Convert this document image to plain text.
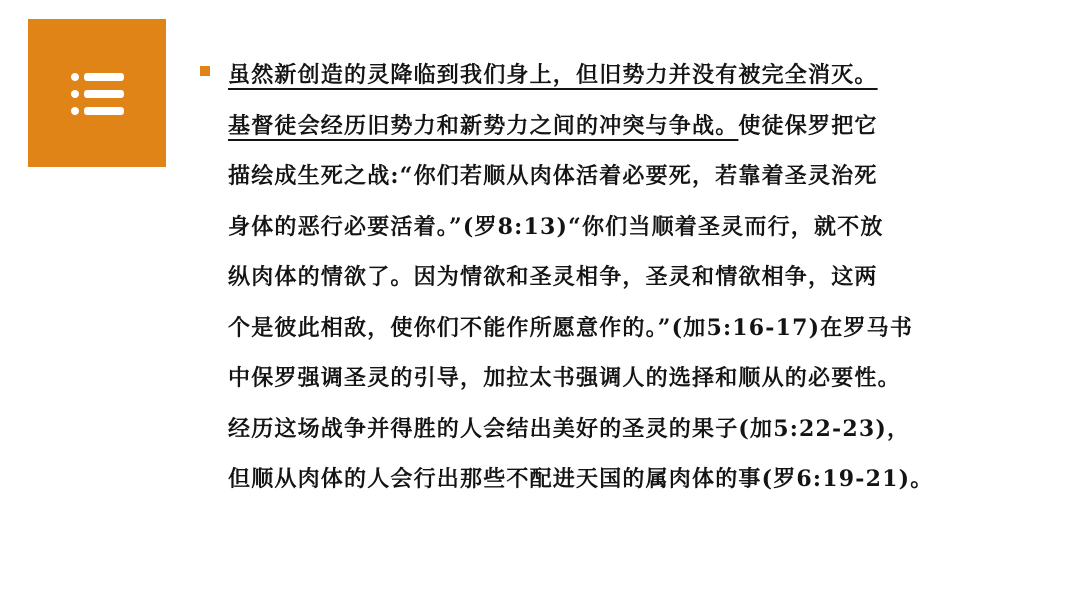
虽然新创造的灵降临到我们身上，但旧势力并没有被完全消灭。
基督徒会经历旧势力和新势力之间的冲突与争战。使徒保罗把它
描绘成生死之战:“你们若顺从肉体活着必要死，若靠着圣灵治死
身体的恶行必要活着。”(罗8:13)“你们当顺着圣灵而行，就不放
纵肉体的情欲了。因为情欲和圣灵相争，圣灵和情欲相争，这两
个是彼此相敌，使你们不能作所愿意作的。”(加5:16-17)在罗马书
中保罗强调圣灵的引导，加拉太书强调人的选择和顺从的必要性。
经历这场战争并得胜的人会结出美好的圣灵的果子(加5:22-23)，
但顺从肉体的人会行出那些不配进天国的属肉体的事(罗6:19-21)。
